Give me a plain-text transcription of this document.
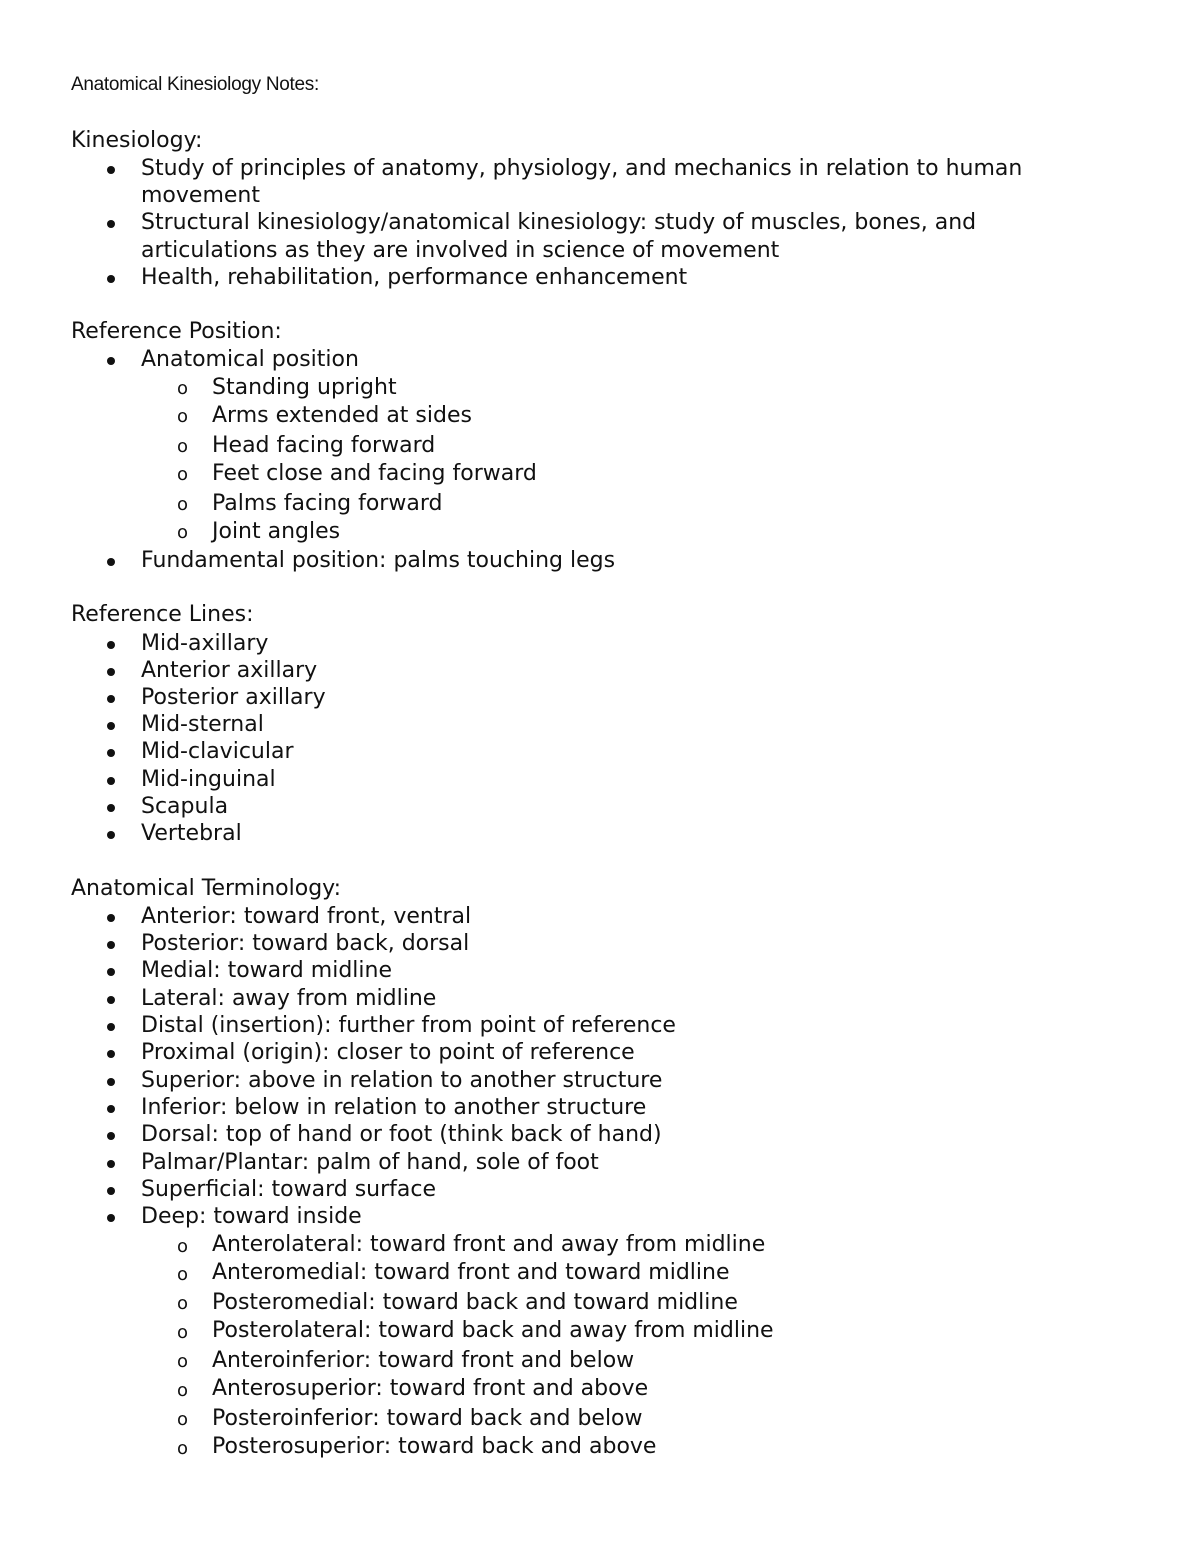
Anatomical Kinesiology Notes:
Kinesiology:
Study of principles of anatomy, physiology, and mechanics in relation to human
movement
Structural kinesiology/anatomical kinesiology: study of muscles, bones, and
articulations as they are involved in science of movement
Health, rehabilitation, performance enhancement
Reference Position:
Anatomical position
o Standing upright
o Arms extended at sides
o Head facing forward
o Feet close and facing forward
o Palms facing forward
o Joint angles
Fundamental position: palms touching legs
Reference Lines:
Mid-axillary
Anterior axillary
Posterior axillary
Mid-sternal
Mid-clavicular
Mid-inguinal
Scapula
Vertebral
Anatomical Terminology:
Anterior: toward front, ventral
Posterior: toward back, dorsal
Medial: toward midline
Lateral: away from midline
Distal (insertion): further from point of reference
Proximal (origin): closer to point of reference
Superior: above in relation to another structure
Inferior: below in relation to another structure
Dorsal: top of hand or foot (think back of hand)
Palmar/Plantar: palm of hand, sole of foot
Superficial: toward surface
Deep: toward inside
o Anterolateral: toward front and away from midline
o Anteromedial: toward front and toward midline
o Posteromedial: toward back and toward midline
o Posterolateral: toward back and away from midline
o Anteroinferior: toward front and below
o Anterosuperior: toward front and above
o Posteroinferior: toward back and below
o Posterosuperior: toward back and above
